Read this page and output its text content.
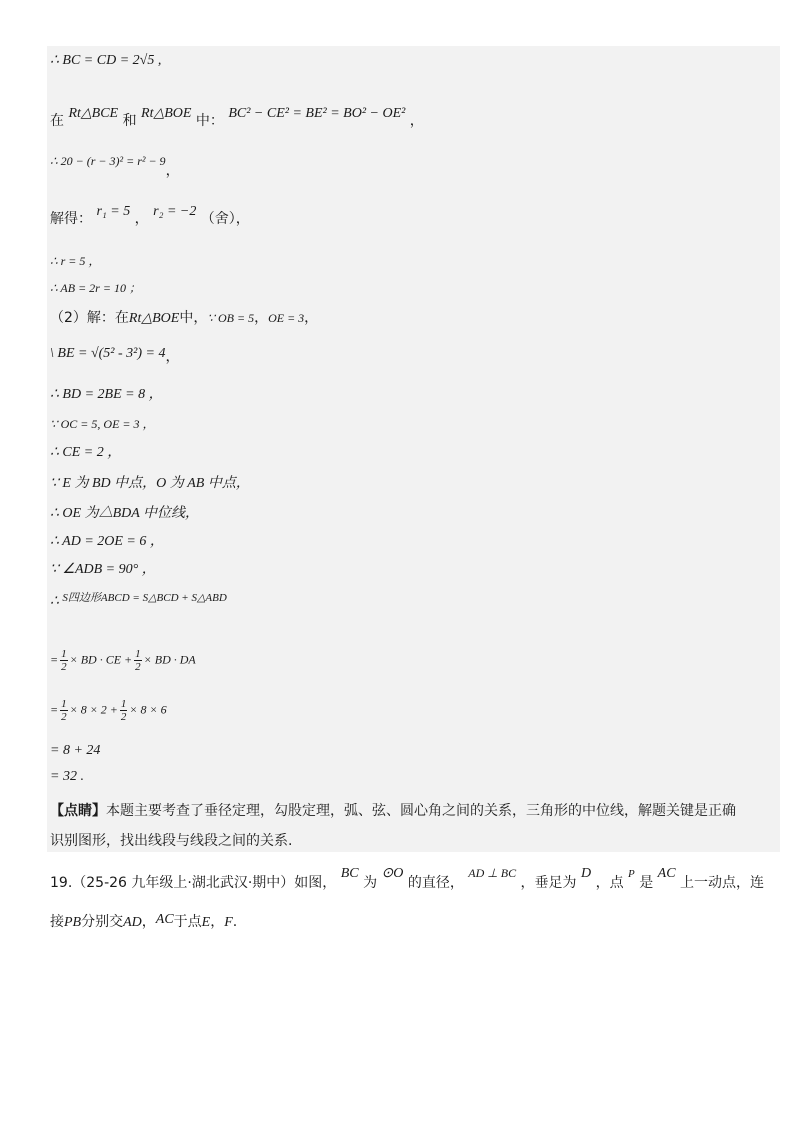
∴ BC = CD = 2√5 ,
在 Rt△BCE 和 Rt△BOE 中： BC² − CE² = BE² = BO² − OE² ，
∴ 20 − (r − 3)² = r² − 9，
解得： r₁ = 5 ， r₂ = −2 （舍），
∴ r = 5 ，
∴ AB = 2r = 10 ；
（2）解：在Rt△BOE中，∵ OB = 5，OE = 3，
\ BE = √(5² - 3²) = 4，
∴ BD = 2BE = 8 ，
∵ OC = 5, OE = 3 ，
∴ CE = 2 ，
∵ E 为 BD 中点，O 为 AB 中点，
∴ OE 为△BDA 中位线，
∴ AD = 2OE = 6 ，
∵ ∠ADB = 90° ，
∴ $^{S四边形ABCD = S\triangle BCD + S\triangle ABD}$
= $\frac{1}{2}$ × BD · CE + $\frac{1}{2}$ × BD · DA
= $\frac{1}{2} \times 8 \times 2 + \frac{1}{2} \times 8 \times 6$
= 8 + 24
= 32 .
【点睛】本题主要考查了垂径定理，勾股定理，弧、弦、圆心角之间的关系，三角形的中位线，解题关键是正确
识别图形，找出线段与线段之间的关系.
19.（25-26 九年级上·湖北武汉·期中）如图， BC 为 ⊙O 的直径， AD ⊥ BC ，垂足为 D ，点 $^P$ 是 AC 上一动点，连
接PB分别交AD，AC于点E，F.
